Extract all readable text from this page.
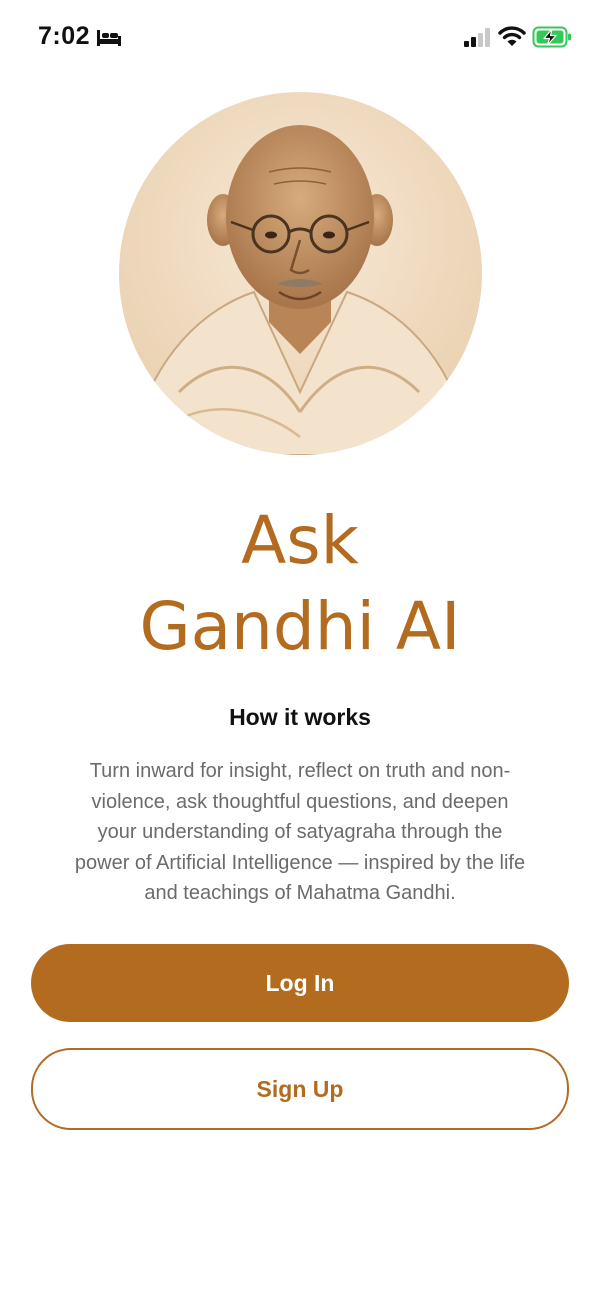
7:02
Ask
Gandhi AI
How it works

Turn inward for insight, reflect on truth and non-
violence, ask thoughtful questions, and deepen
your understanding of satyagraha through the
power of Artificial Intelligence — inspired by the life
and teachings of Mahatma Gandhi.

Log In
Sign Up
